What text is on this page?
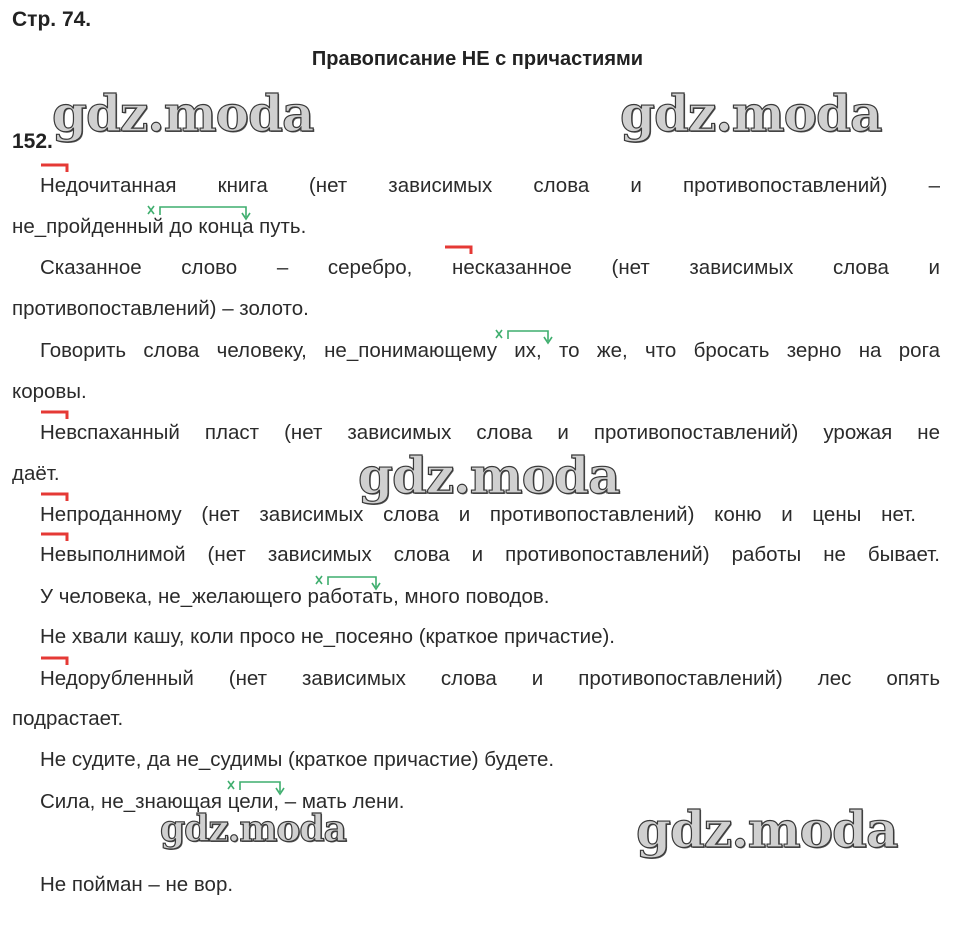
Стр. 74.
Правописание НЕ с причастиями
gdz.moda	gdz.moda
152.
Недочитанная книга (нет зависимых слова и противопоставлений) –
не_пройденный до конца путь.
Сказанное слово – серебро, несказанное (нет зависимых слова и
противопоставлений) – золото.
Говорить слова человеку, не_понимающему их, то же, что бросать зерно на рога
коровы.
Невспаханный пласт (нет зависимых слова и противопоставлений) урожая не
даёт.
Непроданному (нет зависимых слова и противопоставлений) коню и цены нет.
Невыполнимой (нет зависимых слова и противопоставлений) работы не бывает.
У человека, не_желающего работать, много поводов.
Не хвали кашу, коли просо не_посеяно (краткое причастие).
Недорубленный (нет зависимых слова и противопоставлений) лес опять
подрастает.
Не судите, да не_судимы (краткое причастие) будете.
Сила, не_знающая цели, – мать лени.
Не пойман – не вор.
gdz.moda
gdz.moda	gdz.moda
